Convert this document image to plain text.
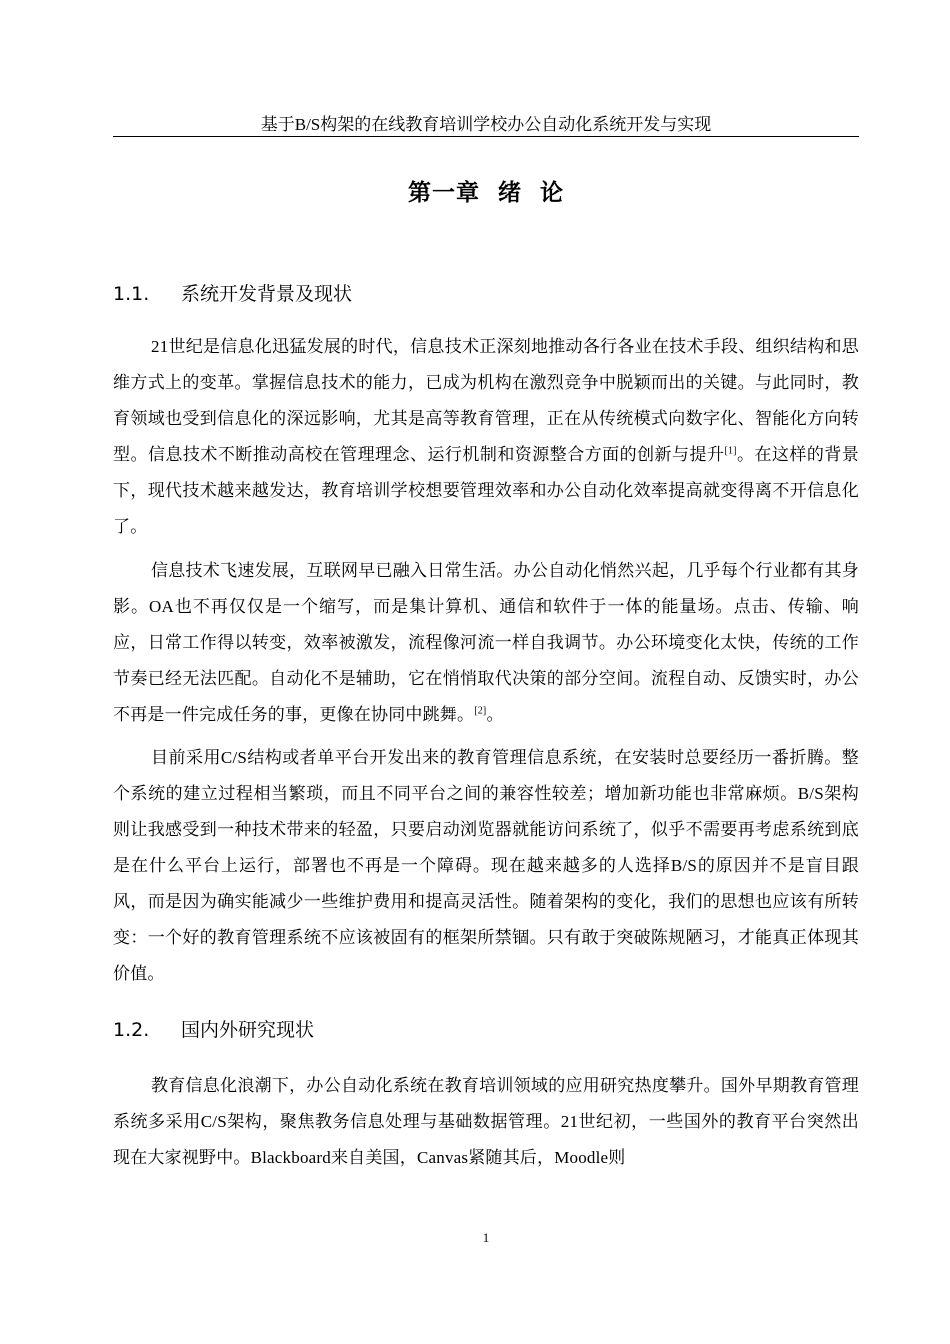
基于B/S构架的在线教育培训学校办公自动化系统开发与实现
第一章  绪  论
1.1. 系统开发背景及现状

21世纪是信息化迅猛发展的时代，信息技术正深刻地推动各行各业在技术手段、组织结构和思维方式上的变革。掌握信息技术的能力，已成为机构在激烈竞争中脱颖而出的关键。与此同时，教育领域也受到信息化的深远影响，尤其是高等教育管理，正在从传统模式向数字化、智能化方向转型。信息技术不断推动高校在管理理念、运行机制和资源整合方面的创新与提升[1]。在这样的背景下，现代技术越来越发达，教育培训学校想要管理效率和办公自动化效率提高就变得离不开信息化了。

信息技术飞速发展，互联网早已融入日常生活。办公自动化悄然兴起，几乎每个行业都有其身影。OA也不再仅仅是一个缩写，而是集计算机、通信和软件于一体的能量场。点击、传输、响应，日常工作得以转变，效率被激发，流程像河流一样自我调节。办公环境变化太快，传统的工作节奏已经无法匹配。自动化不是辅助，它在悄悄取代决策的部分空间。流程自动、反馈实时，办公不再是一件完成任务的事，更像在协同中跳舞。[2]。

目前采用C/S结构或者单平台开发出来的教育管理信息系统，在安装时总要经历一番折腾。整个系统的建立过程相当繁琐，而且不同平台之间的兼容性较差；增加新功能也非常麻烦。B/S架构则让我感受到一种技术带来的轻盈，只要启动浏览器就能访问系统了，似乎不需要再考虑系统到底是在什么平台上运行，部署也不再是一个障碍。现在越来越多的人选择B/S的原因并不是盲目跟风，而是因为确实能减少一些维护费用和提高灵活性。随着架构的变化，我们的思想也应该有所转变：一个好的教育管理系统不应该被固有的框架所禁锢。只有敢于突破陈规陋习，才能真正体现其价值。

1.2. 国内外研究现状

教育信息化浪潮下，办公自动化系统在教育培训领域的应用研究热度攀升。国外早期教育管理系统多采用C/S架构，聚焦教务信息处理与基础数据管理。21世纪初，一些国外的教育平台突然出现在大家视野中。Blackboard来自美国，Canvas紧随其后，Moodle则

1
